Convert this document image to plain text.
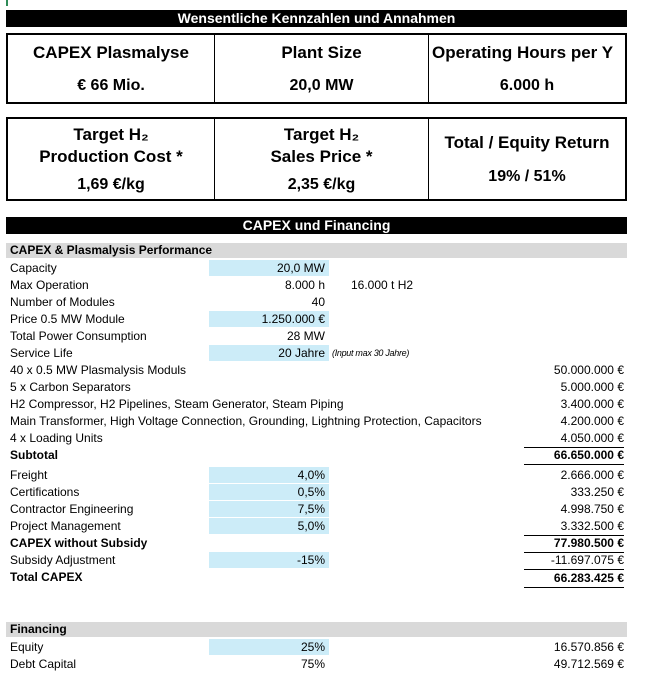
Wensentliche Kennzahlen und Annahmen
CAPEX Plasmalyse
€ 66 Mio.
Plant Size
20,0 MW
Operating Hours per Y
6.000 h
Target H₂
Production Cost *
1,69 €/kg
Target H₂
Sales Price *
2,35 €/kg
Total / Equity Return
19% / 51%
CAPEX und Financing
CAPEX & Plasmalysis Performance
Capacity	20,0 MW
Max Operation	8.000 h	16.000 t H2
Number of Modules	40
Price 0.5 MW Module	1.250.000 €
Total Power Consumption	28 MW
Service Life	20 Jahre (Input max 30 Jahre)
40 x 0.5 MW Plasmalysis Moduls	50.000.000 €
5 x Carbon Separators	5.000.000 €
H2 Compressor, H2 Pipelines, Steam Generator, Steam Piping	3.400.000 €
Main Transformer, High Voltage Connection, Grounding, Lightning Protection, Capacitors	4.200.000 €
4 x Loading Units	4.050.000 €
Subtotal	66.650.000 €
Freight	4,0%	2.666.000 €
Certifications	0,5%	333.250 €
Contractor Engineering	7,5%	4.998.750 €
Project Management	5,0%	3.332.500 €
CAPEX without Subsidy	77.980.500 €
Subsidy Adjustment	-15%	-11.697.075 €
Total CAPEX	66.283.425 €
Financing
Equity	25%	16.570.856 €
Debt Capital	75%	49.712.569 €
